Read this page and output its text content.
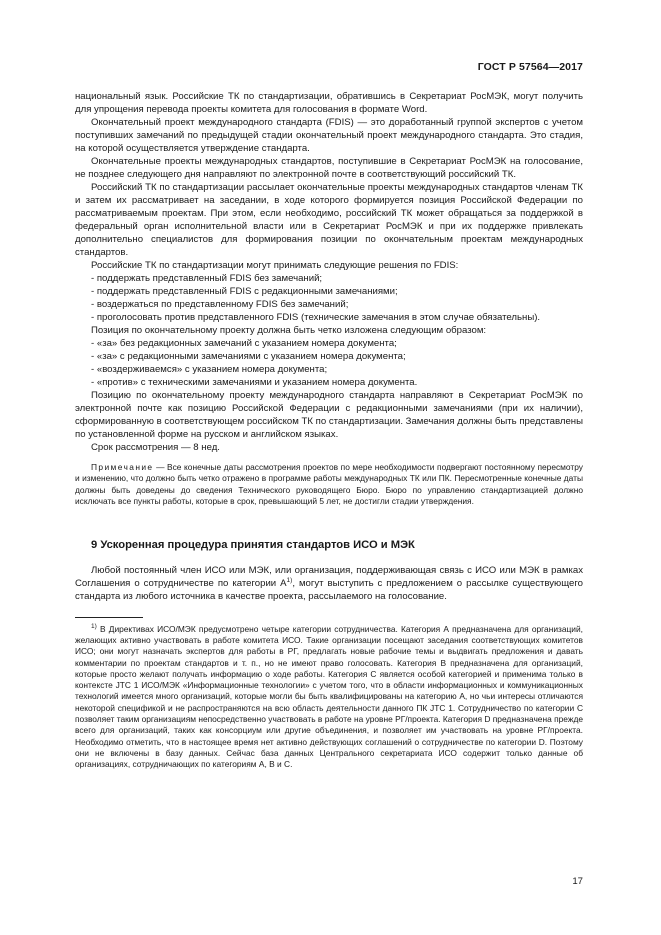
ГОСТ Р 57564—2017

национальный язык. Российские ТК по стандартизации, обратившись в Секретариат РосМЭК, могут получить для упрощения перевода проекты комитета для голосования в формате Word.

Окончательный проект международного стандарта (FDIS) — это доработанный группой экспертов с учетом поступивших замечаний по предыдущей стадии окончательный проект международного стандарта. Это стадия, на которой осуществляется утверждение стандарта.

Окончательные проекты международных стандартов, поступившие в Секретариат РосМЭК на голосование, не позднее следующего дня направляют по электронной почте в соответствующий российский ТК.

Российский ТК по стандартизации рассылает окончательные проекты международных стандартов членам ТК и затем их рассматривает на заседании, в ходе которого формируется позиция Российской Федерации по рассматриваемым проектам. При этом, если необходимо, российский ТК может обращаться за поддержкой в федеральный орган исполнительной власти или в Секретариат РосМЭК и при их поддержке привлекать дополнительно специалистов для формирования позиции по окончательным проектам международных стандартов.

Российские ТК по стандартизации могут принимать следующие решения по FDIS:

- поддержать представленный FDIS без замечаний;

- поддержать представленный FDIS с редакционными замечаниями;

- воздержаться по представленному FDIS без замечаний;

- проголосовать против представленного FDIS (технические замечания в этом случае обязательны).

Позиция по окончательному проекту должна быть четко изложена следующим образом:

- «за» без редакционных замечаний с указанием номера документа;

- «за» с редакционными замечаниями с указанием номера документа;

- «воздерживаемся» с указанием номера документа;

- «против» с техническими замечаниями и указанием номера документа.

Позицию по окончательному проекту международного стандарта направляют в Секретариат РосМЭК по электронной почте как позицию Российской Федерации с редакционными замечаниями (при их наличии), сформированную в соответствующем российском ТК по стандартизации. Замечания должны быть представлены по установленной форме на русском и английском языках.

Срок рассмотрения — 8 нед.

Примечание — Все конечные даты рассмотрения проектов по мере необходимости подвергают постоянному пересмотру и изменению, что должно быть четко отражено в программе работы международных ТК или ПК. Пересмотренные конечные даты должны быть доведены до сведения Технического руководящего Бюро. Бюро по управлению стандартизацией должно исключать все пункты работы, которые в срок, превышающий 5 лет, не достигли стадии утверждения.

9 Ускоренная процедура принятия стандартов ИСО и МЭК

Любой постоянный член ИСО или МЭК, или организация, поддерживающая связь с ИСО или МЭК в рамках Соглашения о сотрудничестве по категории $А^{1)}$, могут выступить с предложением о рассылке существующего стандарта из любого источника в качестве проекта, рассылаемого на голосование.

$^{1)}$ В Директивах ИСО/МЭК предусмотрено четыре категории сотрудничества. Категория А предназначена для организаций, желающих активно участвовать в работе комитета ИСО. Такие организации посещают заседания соответствующих комитетов ИСО; они могут назначать экспертов для работы в РГ, предлагать новые рабочие темы и выдвигать предложения и давать комментарии по проектам стандартов и т. п., но не имеют право голосовать. Категория В предназначена для организаций, которые просто желают получать информацию о ходе работы. Категория С является особой категорией и применима только в контексте JTC 1 ИСО/МЭК «Информационные технологии» с учетом того, что в области информационных и коммуникационных технологий имеется много организаций, которые могли бы быть квалифицированы на категорию А, но чьи интересы отличаются некоторой спецификой и не распространяются на всю область деятельности данного ПК JTC 1. Сотрудничество по категории С позволяет таким организациям непосредственно участвовать в работе на уровне РГ/проекта. Категория D предназначена прежде всего для организаций, таких как консорциум или другие объединения, и позволяет им участвовать на уровне РГ/проекта. Необходимо отметить, что в настоящее время нет активно действующих соглашений о сотрудничестве по категории D. Поэтому они не включены в базу данных. Сейчас база данных Центрального секретариата ИСО содержит только данные об организациях, сотрудничающих по категориям А, В и С.

17
